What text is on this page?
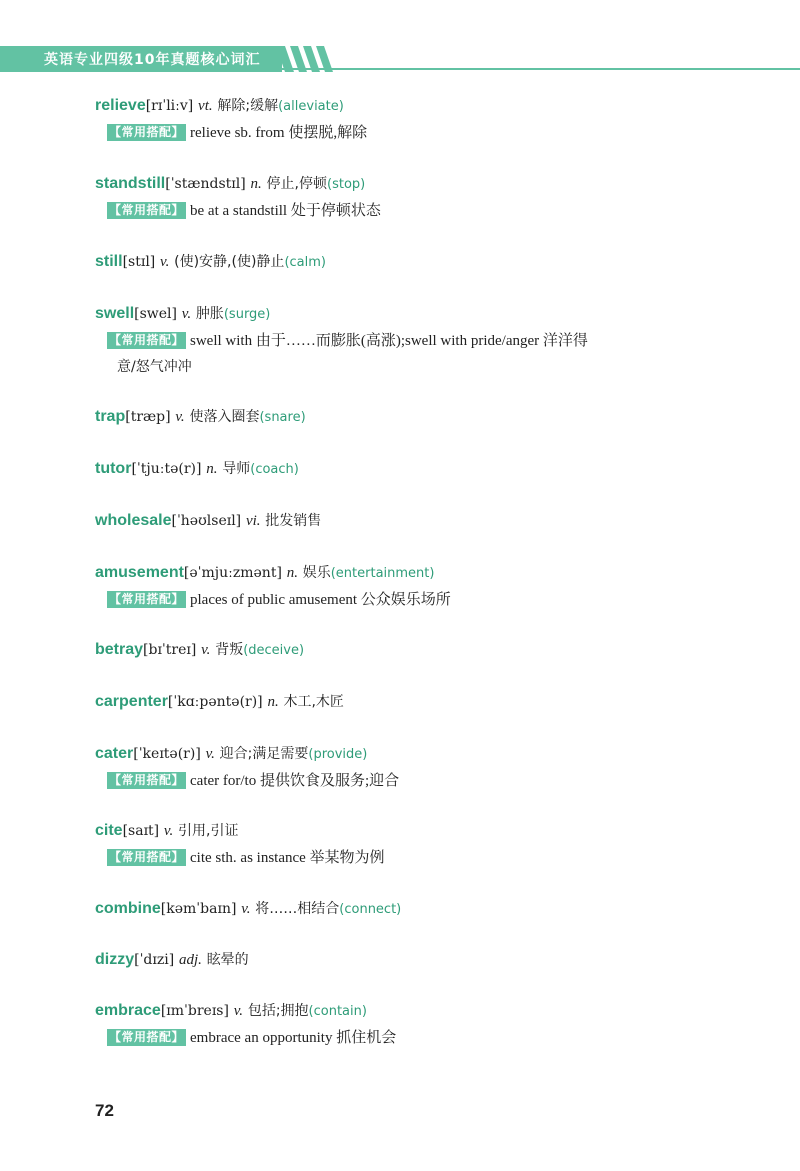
英语专业四级10年真题核心词汇
relieve[rɪˈliːv] vt. 解除;缓解(alleviate)
【常用搭配】 relieve sb. from 使摆脱,解除
standstill[ˈstændstɪl] n. 停止,停顿(stop)
【常用搭配】 be at a standstill 处于停顿状态
still[stɪl] v. (使)安静,(使)静止(calm)
swell[swel] v. 肿胀(surge)
【常用搭配】 swell with 由于……而膨胀(高涨);swell with pride/anger 洋洋得
意/怒气冲冲
trap[træp] v. 使落入圈套(snare)
tutor[ˈtjuːtə(r)] n. 导师(coach)
wholesale[ˈhəʊlseɪl] vi. 批发销售
amusement[əˈmjuːzmənt] n. 娱乐(entertainment)
【常用搭配】 places of public amusement 公众娱乐场所
betray[bɪˈtreɪ] v. 背叛(deceive)
carpenter[ˈkɑːpəntə(r)] n. 木工,木匠
cater[ˈkeɪtə(r)] v. 迎合;满足需要(provide)
【常用搭配】 cater for/to 提供饮食及服务;迎合
cite[saɪt] v. 引用,引证
【常用搭配】 cite sth. as instance 举某物为例
combine[kəmˈbaɪn] v. 将……相结合(connect)
dizzy[ˈdɪzi] adj. 眩晕的
embrace[ɪmˈbreɪs] v. 包括;拥抱(contain)
【常用搭配】 embrace an opportunity 抓住机会
72
